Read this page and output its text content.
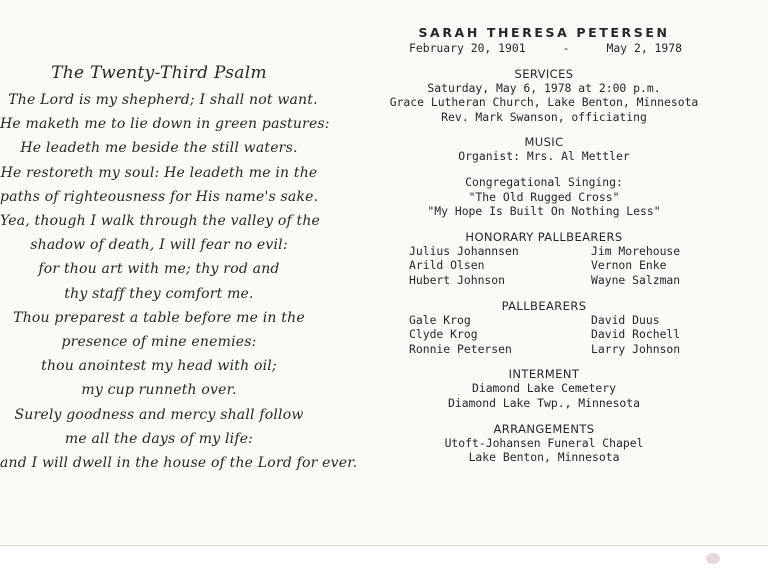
The Twenty-Third Psalm
The Lord is my shepherd; I shall not want.
He maketh me to lie down in green pastures:
He leadeth me beside the still waters.
He restoreth my soul: He leadeth me in the
paths of righteousness for His name's sake.
Yea, though I walk through the valley of the
shadow of death, I will fear no evil:
for thou art with me; thy rod and
thy staff they comfort me.
Thou preparest a table before me in the
presence of mine enemies:
thou anointest my head with oil;
my cup runneth over.
Surely goodness and mercy shall follow
me all the days of my life:
and I will dwell in the house of the Lord for ever.
SARAH THERESA PETERSEN
February 20, 1901	-	May 2, 1978
SERVICES
Saturday, May 6, 1978 at 2:00 p.m.
Grace Lutheran Church, Lake Benton, Minnesota
Rev. Mark Swanson, officiating
MUSIC
Organist: Mrs. Al Mettler
Congregational Singing:
"The Old Rugged Cross"
"My Hope Is Built On Nothing Less"
HONORARY PALLBEARERS
Julius Johannsen
Arild Olsen
Hubert Johnson
Jim Morehouse
Vernon Enke
Wayne Salzman
PALLBEARERS
Gale Krog
Clyde Krog
Ronnie Petersen
David Duus
David Rochell
Larry Johnson
INTERMENT
Diamond Lake Cemetery
Diamond Lake Twp., Minnesota
ARRANGEMENTS
Utoft-Johansen Funeral Chapel
Lake Benton, Minnesota
